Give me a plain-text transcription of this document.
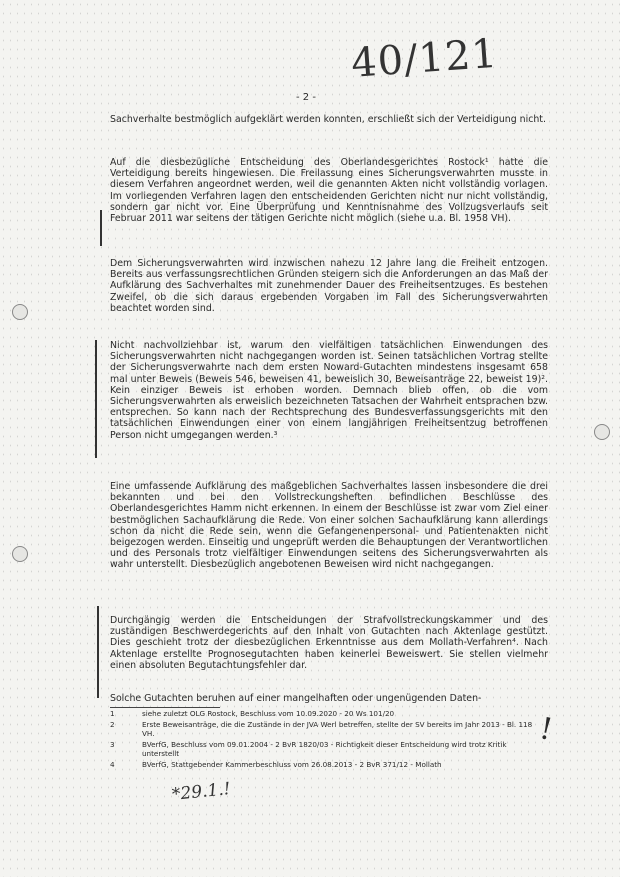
40/121
- 2 -
Sachverhalte bestmöglich aufgeklärt werden konnten, erschließt sich der Verteidigung nicht.
Auf die diesbezügliche Entscheidung des Oberlandesgerichtes Rostock¹ hatte die Verteidigung bereits hingewiesen. Die Freilassung eines Sicherungsverwahrten musste in diesem Verfahren angeordnet werden, weil die genannten Akten nicht vollständig vorlagen. Im vorliegenden Verfahren lagen den entscheidenden Gerichten nicht nur nicht vollständig, sondern gar nicht vor. Eine Überprüfung und Kenntnisnahme des Vollzugsverlaufs seit Februar 2011 war seitens der tätigen Gerichte nicht möglich (siehe u.a. Bl. 1958 VH).
Dem Sicherungsverwahrten wird inzwischen nahezu 12 Jahre lang die Freiheit entzogen. Bereits aus verfassungsrechtlichen Gründen steigern sich die Anforderungen an das Maß der Aufklärung des Sachverhaltes mit zunehmender Dauer des Freiheitsentzuges. Es bestehen Zweifel, ob die sich daraus ergebenden Vorgaben im Fall des Sicherungsverwahrten beachtet worden sind.
Nicht nachvollziehbar ist, warum den vielfältigen tatsächlichen Einwendungen des Sicherungsverwahrten nicht nachgegangen worden ist. Seinen tatsächlichen Vortrag stellte der Sicherungsverwahrte nach dem ersten Noward-Gutachten mindestens insgesamt 658 mal unter Beweis (Beweis 546, beweisen 41, beweislich 30, Beweisanträge 22, beweist 19)². Kein einziger Beweis ist erhoben worden. Demnach blieb offen, ob die vom Sicherungsverwahrten als erweislich bezeichneten Tatsachen der Wahrheit entsprachen bzw. entsprechen. So kann nach der Rechtsprechung des Bundesverfassungsgerichts mit den tatsächlichen Einwendungen einer von einem langjährigen Freiheitsentzug betroffenen Person nicht umgegangen werden.³
Eine umfassende Aufklärung des maßgeblichen Sachverhaltes lassen insbesondere die drei bekannten und bei den Vollstreckungsheften befindlichen Beschlüsse des Oberlandesgerichtes Hamm nicht erkennen. In einem der Beschlüsse ist zwar vom Ziel einer bestmöglichen Sachaufklärung die Rede. Von einer solchen Sachaufklärung kann allerdings schon da nicht die Rede sein, wenn die Gefangenenpersonal- und Patientenakten nicht beigezogen werden. Einseitig und ungeprüft werden die Behauptungen der Verantwortlichen und des Personals trotz vielfältiger Einwendungen seitens des Sicherungsverwahrten als wahr unterstellt. Diesbezüglich angebotenen Beweisen wird nicht nachgegangen.
Durchgängig werden die Entscheidungen der Strafvollstreckungskammer und des zuständigen Beschwerdegerichts auf den Inhalt von Gutachten nach Aktenlage gestützt. Dies geschieht trotz der diesbezüglichen Erkenntnisse aus dem Mollath-Verfahren⁴. Nach Aktenlage erstellte Prognosegutachten haben keinerlei Beweiswert. Sie stellen vielmehr einen absoluten Begutachtungsfehler dar.
Solche Gutachten beruhen auf einer mangelhaften oder ungenügenden Daten-
1	siehe zuletzt OLG Rostock, Beschluss vom 10.09.2020 - 20 Ws 101/20
2	Erste Beweisanträge, die die Zustände in der JVA Werl betreffen, stellte der SV bereits im Jahr 2013 - Bl. 118 VH.
3	BVerfG, Beschluss vom 09.01.2004 - 2 BvR 1820/03 - Richtigkeit dieser Entscheidung wird trotz Kritik unterstellt
4	BVerfG, Stattgebender Kammerbeschluss vom 26.08.2013 - 2 BvR 371/12 - Mollath
!
*29.1.!
